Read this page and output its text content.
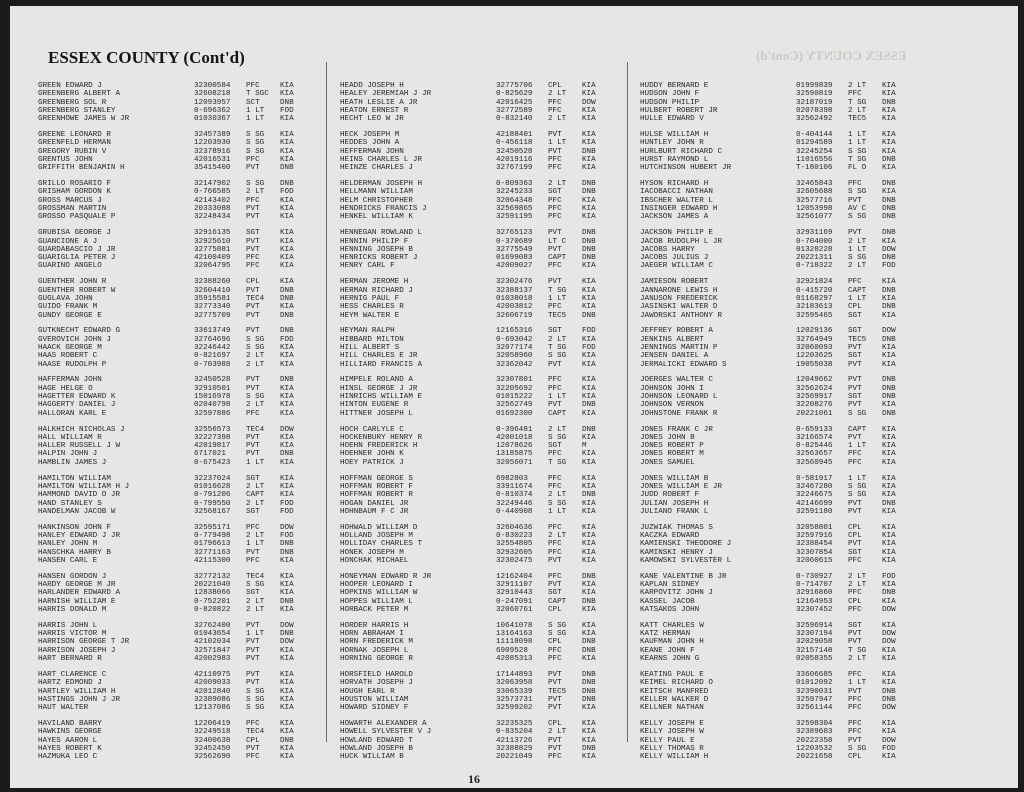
ESSEX COUNTY (Cont'd)	ESSEX COUNTY (Cont'd)
GREEN EDWARD J	32300584	PFC	KIA
GREENBERG ALBERT A	32608218	T SGC	KIA
GREENBERG SOL R	12093957	SCT	DNB
GREENBERG STANLEY	0-696362	1 LT	FOD
GREENHOWE JAMES W JR	01030367	1 LT	KIA
GREENE LEONARD R	32457389	S SG	KIA
GREENFELD HERMAN	12203930	S SG	KIA
GREGORY RUBIN V	32378916	S SG	KIA
GRENTUS JOHN	42016531	PFC	KIA
GRIFFITH BENJAMIN H	35415400	PVT	DNB
GRILLO ROSARIO F	32147902	S SG	DNB
GRISHAM GORDON K	0-766585	2 LT	FOD
GROSS MARCUS J	42143402	PFC	KIA
GROSSMAN MARTIN	20333088	PVT	KIA
GROSSO PASQUALE P	32248434	PVT	KIA
GRUBISA GEORGE J	32916135	SGT	KIA
GUANCIONE A J	32925610	PVT	KIA
GUARDABASCIO J JR	32775881	PVT	KIA
GUARIGLIA PETER J	42100409	PFC	KIA
GUARINO ANGELO	32064795	PFC	KIA
GUENTHER JOHN R	32388260	CPL	KIA
GUENTHER ROBERT W	32604410	PVT	DNB
GUGLAVA JOHN	35915581	TEC4	DNB
GUIDO FRANK M	32773340	PVT	KIA
GUNDY GEORGE E	32775709	PVT	DNB
GUTKNECHT EDWARD G	33613749	PVT	DNB
GVEROVICH JOHN J	32764696	S SG	FOD
HAACK GEORGE M	32246442	S SG	KIA
HAAS ROBERT C	0-821697	2 LT	KIA
HAASE RUDOLPH P	0-703988	2 LT	KIA
HAFFERMAN JOHN	32450528	PVT	DNB
HAGE HELGE O	32910501	PVT	KIA
HAGETTER EDWARD K	15016978	S SG	KIA
HAGGERTY DANIEL J	02040798	2 LT	KIA
HALLORAN KARL E	32597886	PFC	KIA
HALKHICH NICHOLAS J	32556573	TEC4	DOW
HALL WILLIAM R	32227398	PVT	KIA
HALLER RUSSELL J W	42019817	PVT	KIA
HALPIN JOHN J	6717021	PVT	DNB
HAMBLIN JAMES J	0-675423	1 LT	KIA
HAMILTON WILLIAM	32237024	SGT	KIA
HAMILTON WILLIAM H J	01016628	2 LT	KIA
HAMMOND DAVID O JR	0-791206	CAPT	KIA
HAND STANLEY S	0-799550	2 LT	FOD
HANDELMAN JACOB W	32568167	SGT	FOD
HANKINSON JOHN F	32595171	PFC	DOW
HANLEY EDWARD J JR	0-779498	2 LT	FOD
HANLEY JOHN M	01796613	1 LT	DNB
HANSCHKA HARRY B	32771163	PVT	DNB
HANSEN CARL E	42115300	PFC	KIA
HANSEN GORDON J	32772132	TEC4	KIA
HARDY GEORGE M JR	20221040	S SG	KIA
HARLANDER EDWARD A	12838066	SGT	KIA
HARNISH WILLIAM E	0-752201	2 LT	DNB
HARRIS DONALD M	0-820822	2 LT	KIA
HARRIS JOHN L	32762400	PVT	DOW
HARRIS VICTOR M	01043654	1 LT	DNB
HARRISON GEORGE T JR	42102034	PVT	DOW
HARRISON JOSEPH J	32571847	PVT	KIA
HART BERNARD R	42002983	PVT	KIA
HART CLARENCE C	42110975	PVT	KIA
HARTZ EDMOND J	42009033	PVT	KIA
HARTLEY WILLIAM H	42012840	S SG	KIA
HASTINGS JOHN J JR	32389086	S SG	KIA
HAUT WALTER	12137086	S SG	KIA
HAVILAND BARRY	12206419	PFC	KIA
HAWKINS GEORGE	32249518	TEC4	KIA
HAYES AARON L	32400638	CPL	DNB
HAYES ROBERT K	32452450	PVT	KIA
HAZMUKA LEO C	32562690	PFC	KIA
HEADD JOSEPH H	32775706	CPL	KIA
HEALEY JEREMIAH J JR	0-825629	2 LT	KIA
HEATH LESLIE A JR	42016425	PFC	DOW
HEATON ERNEST R	32772589	PFC	KIA
HECHT LEO W JR	0-832140	2 LT	KIA
HECK JOSEPH M	42188401	PVT	KIA
HEDDES JOHN A	0-456118	1 LT	KIA
HEFFERMAN JOHN	32450528	PVT	DNB
HEINS CHARLES L JR	42019116	PFC	KIA
HEINZE CHARLES J	32767199	PFC	KIA
HELDERMAN JOSEPH H	0-809363	2 LT	DNB
HELLMANN WILLIAM	32245233	SGT	DNB
HELM CHRISTOPHER	32064348	PFC	KIA
HENDRICKS FRANCIS J	32569865	PFC	KIA
HENKEL WILLIAM K	32591195	PFC	KIA
HENNEGAN ROWLAND L	32765123	PVT	DNB
HENNIN PHILIP F	0-370689	LT C	DNB
HENNING JOSEPH B	32775549	PVT	DNB
HENRICKS ROBERT J	01699083	CAPT	DNB
HENRY CARL F	42009027	PFC	KIA
HERMAN JEROME H	32302476	PVT	KIA
HERMAN RICHARD J	32388137	T SG	KIA
HERNIG PAUL F	01038018	1 LT	KIA
HESS CHARLES R	42003812	PFC	KIA
HEYM WALTER E	32606719	TEC5	DNB
HEYMAN RALPH	12165316	SGT	FOD
HIBBARD MILTON	0-693042	2 LT	KIA
HILL ALBERT S	32077174	T SG	FOD
HILL CHARLES E JR	32058960	S SG	KIA
HILLIARD FRANCIS A	32362042	PVT	KIA
HIMPELE ROLAND A	32307801	PFC	KIA
HINSL GEORGE J JR	32205692	PFC	KIA
HINRICHS WILLIAM E	01015222	1 LT	KIA
HINTON EUGENE R	32562749	PVT	DNB
HITTNER JOSEPH L	01692300	CAPT	KIA
HOCH CARLYLE C	0-396481	2 LT	DNB
HOCKENBURY HENRY R	42001018	S SG	KIA
HOEHN FREDERICK H	12078626	SGT	M
HOEHNER JOHN K	13185875	PFC	KIA
HOEY PATRICK J	32056071	T SG	KIA
HOFFMAN GEORGE S	6982803	PFC	KIA
HOFFMAN ROBERT F	33911674	PFC	KIA
HOFFMAN ROBERT R	0-810374	2 LT	DNB
HOGAN DANIEL JR	32249446	S SG	KIA
HOHNBAUM F C JR	0-440908	1 LT	KIA
HOHWALD WILLIAM D	32604636	PFC	KIA
HOLLAND JOSEPH M	0-830223	2 LT	KIA
HOLLIDAY CHARLES T	32554805	PFC	KIA
HONEK JOSEPH M	32932605	PFC	KIA
HONCHAK MICHAEL	32302475	PVT	KIA
HONEYMAN EDWARD R JR	12162404	PFC	DNB
HOOPER LEONARD I	32911107	PVT	KIA
HOPKINS WILLIAM W	32910443	SGT	KIA
HOPPES WILLIAM L	0-247091	CAPT	DNB
HORBACK PETER M	32060761	CPL	KIA
HORDER HARRIS H	10641078	S SG	KIA
HORN ABRAHAM I	13164163	S SG	KIA
HORN FREDERICK M	11118098	CPL	DNB
HORNAK JOSEPH L	6909528	PFC	DNB
HORNING GEORGE R	42085313	PFC	KIA
HORSFIELD HAROLD	17144893	PVT	DNB
HORVATH JOSEPH J	32063958	PVT	DNB
HOUGH EARL R	33065339	TEC5	DNB
HOUSTON WILLIAM	32573731	PVT	DNB
HOWARD SIDNEY F	32599202	PVT	KIA
HOWARTH ALEXANDER A	32235325	CPL	KIA
HOWELL SYLVESTER V J	0-835204	2 LT	KIA
HOWLAND EDWARD T	42113726	PVT	KIA
HOWLAND JOSEPH B	32388829	PVT	DNB
HUCK WILLIAM B	20221049	PFC	KIA
HUDDY BERNARD E	01999839	2 LT	KIA
HUDSON JOHN F	32590819	PFC	KIA
HUDSON PHILIP	32187019	T SG	DNB
HULBERT ROBERT JR	02078398	2 LT	KIA
HULLE EDWARD V	32562492	TEC5	KIA
HULSE WILLIAM H	0-404144	1 LT	KIA
HUNTLEY JOHN R	01294589	1 LT	KIA
HURLBURT RICHARD C	32245254	S SG	KIA
HURST RAYMOND L	11016556	T SG	DNB
HUTCHINSON HUBERT JR	T-180106	FL O	KIA
HYSON RICHARD H	32465843	PFC	DNB
IACOBACCI NATHAN	32605688	S SG	KIA
IBSCHER WALTER L	32577716	PVT	DNB
INSINGER EDWARD H	12053998	AV C	DNB
JACKSON JAMES A	32561077	S SG	DNB
JACKSON PHILIP E	32931169	PVT	DNB
JACOB RUDOLPH L JR	0-704000	2 LT	KIA
JACOBS HARRY	01328228	1 LT	DOW
JACOBS JULIUS J	20221311	S SG	DNB
JAEGER WILLIAM C	0-718322	2 LT	FOD
JAMIESON ROBERT	32921824	PFC	KIA
JANNARONE LEWIS H	0-415720	CAPT	DNB
JANUSON FREDERICK	01168297	1 LT	KIA
JASINSKI WALTER D	32183613	CPL	DNB
JAWORSKI ANTHONY R	32595465	SGT	KIA
JEFFREY ROBERT A	12029136	SGT	DOW
JENKINS ALBERT	32764949	TEC5	DNB
JENNINGS MARTIN P	32060093	PVT	KIA
JENSEN DANIEL A	12203625	SGT	KIA
JERMALICKI EDWARD S	19055038	PVT	KIA
JOERGES WALTER C	12049662	PVT	DNB
JOHNSON JOHN I	32562624	PVT	DNB
JOHNSON LEONARD L	32569917	SGT	DNB
JOHNSON VERNON	32208276	PVT	KIA
JOHNSTONE FRANK R	20221061	S SG	DNB
JONES FRANK C JR	0-659133	CAPT	KIA
JONES JOHN B	32166574	PVT	KIA
JONES ROBERT P	0-825446	1 LT	KIA
JONES ROBERT M	32563657	PFC	KIA
JONES SAMUEL	32560945	PFC	KIA
JONES WILLIAM B	0-581917	1 LT	KIA
JONES WILLIAM E JR	32467280	S SG	KIA
JUDD ROBERT F	32246675	S SG	KIA
JULIAN JOSEPH H	42146699	PVT	DNB
JULIANO FRANK L	32591180	PVT	KIA
JUZWIAK THOMAS S	32058801	CPL	KIA
KACZKA EDWARD	32597916	CPL	KIA
KAMIENSKI THEODORE J	32388454	PVT	KIA
KAMINSKI HENRY J	32307854	SGT	KIA
KAMOWSKI SYLVESTER L	32060615	PFC	KIA
KANE VALENTINE B JR	0-730927	2 LT	FOD
KAPLAN SIDNEY	0-714707	2 LT	KIA
KARPOVITZ JOHN J	32916860	PFC	DNB
KASSEL JACOB	12164953	CPL	KIA
KATSAKOS JOHN	32307452	PFC	DOW
KATT CHARLES W	32596914	SGT	KIA
KATZ HERMAN	32307194	PVT	DOW
KAUFMAN JOHN H	32029058	PVT	DOW
KEANE JOHN F	32157148	T SG	KIA
KEARNS JOHN G	02058355	2 LT	KIA
KEATING PAUL E	33606685	PFC	KIA
KEIMEL RICHARD O	01012092	1 LT	KIA
KEITSCH MANFRED	32390031	PVT	DNB
KELLER WALKER D	32597947	PFC	DNB
KELLNER NATHAN	32561144	PFC	DOW
KELLY JOSEPH E	32598304	PFC	KIA
KELLY JOSEPH W	32389603	PFC	KIA
KELLY PAUL E	20222358	PVT	DOW
KELLY THOMAS R	12203532	S SG	FOD
KELLY WILLIAM H	20221658	CPL	KIA
16
